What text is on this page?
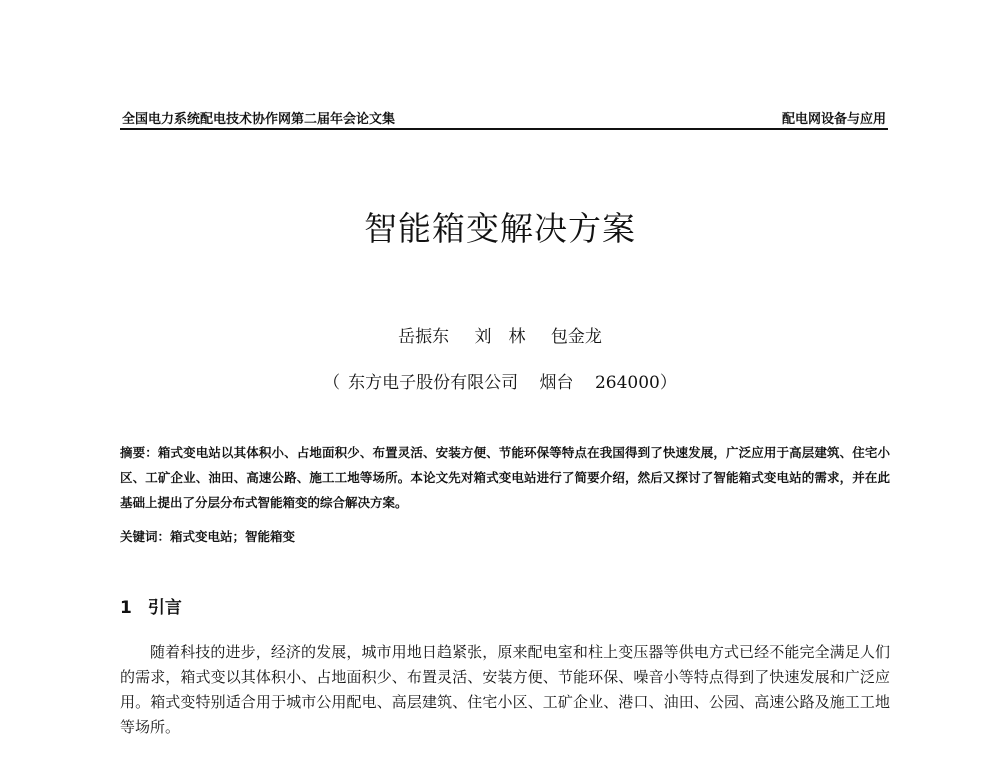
全国电力系统配电技术协作网第二届年会论文集	配电网设备与应用
智能箱变解决方案
岳振东 刘　林 包金龙
（ 东方电子股份有限公司 烟台 264000）
摘要：箱式变电站以其体积小、占地面积少、布置灵活、安装方便、节能环保等特点在我国得到了快速发展，广泛应用于高层建筑、住宅小区、工矿企业、油田、高速公路、施工工地等场所。本论文先对箱式变电站进行了简要介绍，然后又探讨了智能箱式变电站的需求，并在此基础上提出了分层分布式智能箱变的综合解决方案。
关键词：箱式变电站；智能箱变
1 引言
随着科技的进步，经济的发展，城市用地日趋紧张，原来配电室和柱上变压器等供电方式已经不能完全满足人们的需求，箱式变以其体积小、占地面积少、布置灵活、安装方便、节能环保、噪音小等特点得到了快速发展和广泛应用。箱式变特别适合用于城市公用配电、高层建筑、住宅小区、工矿企业、港口、油田、公园、高速公路及施工工地等场所。
